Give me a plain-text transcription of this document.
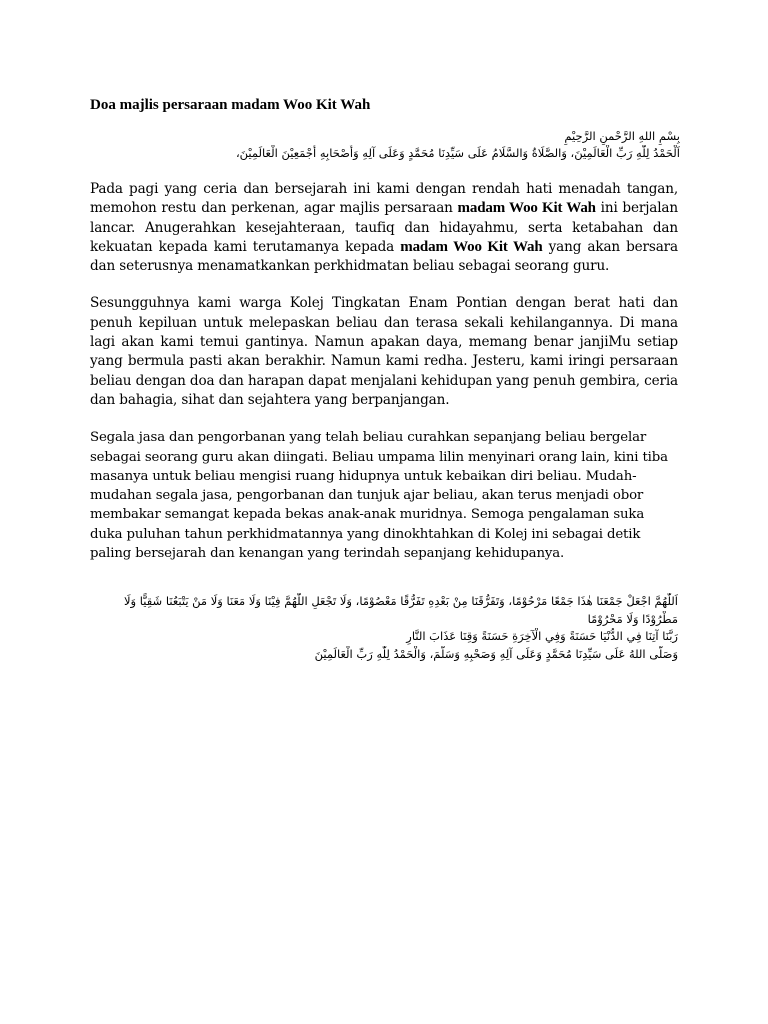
Doa majlis persaraan madam Woo Kit Wah
بِسْمِ اللهِ الرَّحْمنِ الرَّحِيْمِ
اَلْحَمْدُ لِلّٰهِ رَبِّ الْعَالَمِيْنَ، وَالصَّلَاةُ وَالسَّلَامُ عَلَى سَيِّدِنَا مُحَمَّدٍ وَعَلَى آلِهِ وَأَصْحَابِهِ أَجْمَعِيْنَ الْعَالَمِيْنَ،

Pada pagi yang ceria dan bersejarah ini kami dengan rendah hati menadah tangan, memohon restu dan perkenan, agar majlis persaraan madam Woo Kit Wah ini berjalan lancar. Anugerahkan kesejahteraan, taufiq dan hidayahmu, serta ketabahan dan kekuatan kepada kami terutamanya kepada madam Woo Kit Wah yang akan bersara dan seterusnya menamatkankan perkhidmatan beliau sebagai seorang guru.

Sesungguhnya kami warga Kolej Tingkatan Enam Pontian dengan berat hati dan penuh kepiluan untuk melepaskan beliau dan terasa sekali kehilangannya. Di mana lagi akan kami temui gantinya. Namun apakan daya, memang benar janjiMu setiap yang bermula pasti akan berakhir. Namun kami redha. Jesteru, kami iringi persaraan beliau dengan doa dan harapan dapat menjalani kehidupan yang penuh gembira, ceria dan bahagia, sihat dan sejahtera yang berpanjangan.

Segala jasa dan pengorbanan yang telah beliau curahkan sepanjang beliau bergelar
sebagai seorang guru akan diingati. Beliau umpama lilin menyinari orang lain, kini tiba
masanya untuk beliau mengisi ruang hidupnya untuk kebaikan diri beliau. Mudah-
mudahan segala jasa, pengorbanan dan tunjuk ajar beliau, akan terus menjadi obor
membakar semangat kepada bekas anak-anak muridnya. Semoga pengalaman suka
duka puluhan tahun perkhidmatannya yang dinokhtahkan di Kolej ini sebagai detik
paling bersejarah dan kenangan yang terindah sepanjang kehidupanya.

اَللّٰهُمَّ اجْعَلْ جَمْعَنَا هٰذَا جَمْعًا مَرْحُوْمًا، وَتَفَرُّقَنَا مِنْ بَعْدِهِ تَفَرُّقًا مَعْصُوْمًا، وَلَا تَجْعَلِ اللّٰهُمَّ فِيْنَا وَلَا مَعَنَا وَلَا مَنْ يَتْبَعُنَا شَقِيًّا وَلَا
مَطْرُوْدًا وَلَا مَحْرُوْمًا
رَبَّنَا آتِنَا فِي الدُّنْيَا حَسَنَةً وَفِي الْآخِرَةِ حَسَنَةً وَقِنَا عَذَابَ النَّارِ
وَصَلَّى اللهُ عَلَى سَيِّدِنَا مُحَمَّدٍ وَعَلَى آلِهِ وَصَحْبِهِ وَسَلَّمَ، وَالْحَمْدُ لِلّٰهِ رَبِّ الْعَالَمِيْنَ
